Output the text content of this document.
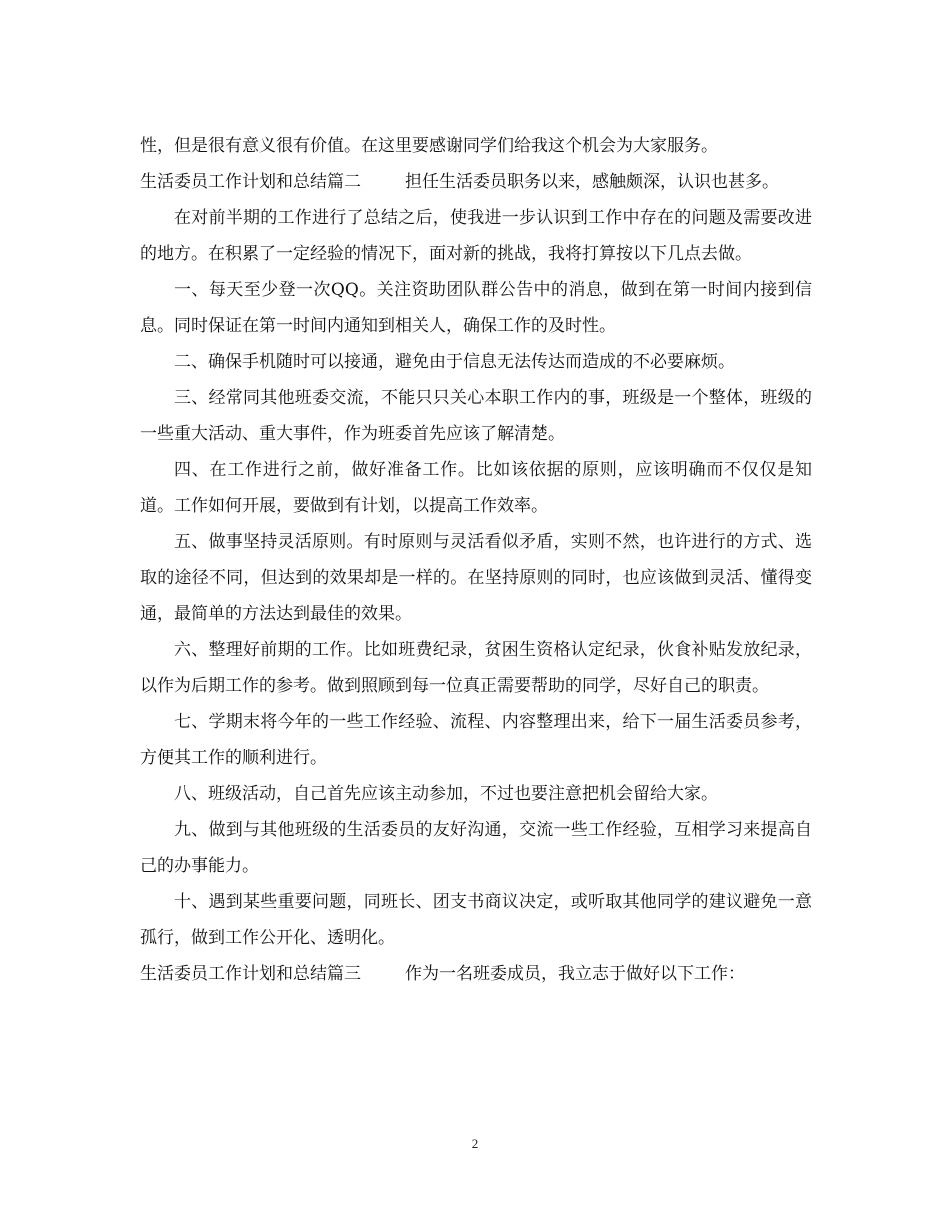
性，但是很有意义很有价值。在这里要感谢同学们给我这个机会为大家服务。

生活委员工作计划和总结篇二	担任生活委员职务以来，感触颇深，认识也甚多。

在对前半期的工作进行了总结之后，使我进一步认识到工作中存在的问题及需要改进的地方。在积累了一定经验的情况下，面对新的挑战，我将打算按以下几点去做。

一、每天至少登一次QQ。关注资助团队群公告中的消息，做到在第一时间内接到信息。同时保证在第一时间内通知到相关人，确保工作的及时性。

二、确保手机随时可以接通，避免由于信息无法传达而造成的不必要麻烦。

三、经常同其他班委交流，不能只只关心本职工作内的事，班级是一个整体，班级的一些重大活动、重大事件，作为班委首先应该了解清楚。

四、在工作进行之前，做好准备工作。比如该依据的原则，应该明确而不仅仅是知道。工作如何开展，要做到有计划，以提高工作效率。

五、做事坚持灵活原则。有时原则与灵活看似矛盾，实则不然，也许进行的方式、选取的途径不同，但达到的效果却是一样的。在坚持原则的同时，也应该做到灵活、懂得变通，最简单的方法达到最佳的效果。

六、整理好前期的工作。比如班费纪录，贫困生资格认定纪录，伙食补贴发放纪录，以作为后期工作的参考。做到照顾到每一位真正需要帮助的同学，尽好自己的职责。

七、学期末将今年的一些工作经验、流程、内容整理出来，给下一届生活委员参考，方便其工作的顺利进行。

八、班级活动，自己首先应该主动参加，不过也要注意把机会留给大家。

九、做到与其他班级的生活委员的友好沟通，交流一些工作经验，互相学习来提高自己的办事能力。

十、遇到某些重要问题，同班长、团支书商议决定，或听取其他同学的建议避免一意孤行，做到工作公开化、透明化。

生活委员工作计划和总结篇三	作为一名班委成员，我立志于做好以下工作：

2
